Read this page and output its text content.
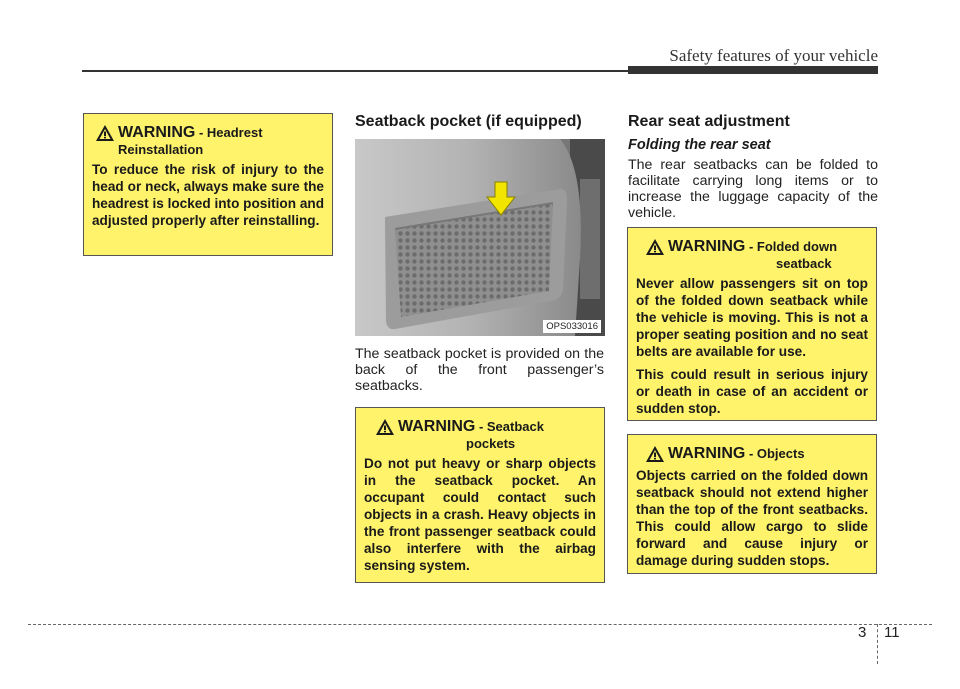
Safety features of your vehicle
WARNING - Headrest
Reinstallation

To reduce the risk of injury to the head or neck, always make sure the headrest is locked into position and adjusted properly after reinstalling.

Seatback pocket (if equipped)
OPS033016

The seatback pocket is provided on the back of the front passenger’s seatbacks.

WARNING - Seatback
pockets

Do not put heavy or sharp objects in the seatback pocket. An occupant could contact such objects in a crash. Heavy objects in the front passenger seatback could also interfere with the airbag sensing system.

Rear seat adjustment
Folding the rear seat

The rear seatbacks can be folded to facilitate carrying long items or to increase the luggage capacity of the vehicle.

WARNING - Folded down
seatback

Never allow passengers sit on top of the folded down seatback while the vehicle is moving. This is not a proper seating position and no seat belts are available for use.

This could result in serious injury or death in case of an accident or sudden stop.

WARNING - Objects

Objects carried on the folded down seatback should not extend higher than the top of the front seatbacks. This could allow cargo to slide forward and cause injury or damage during sudden stops.

3 11
